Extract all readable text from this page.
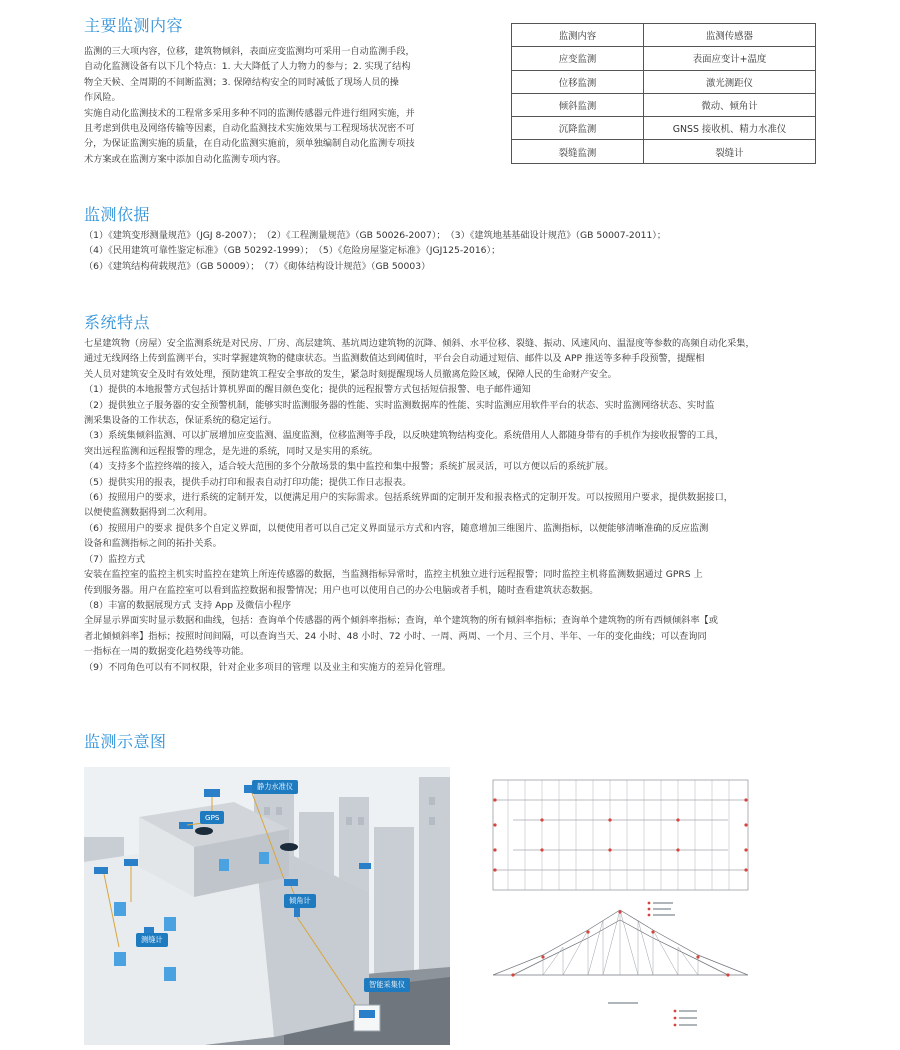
主要监测内容

监测的三大项内容，位移，建筑物倾斜，表面应变监测均可采用一自动监测手段，

自动化监测设备有以下几个特点：1. 大大降低了人力物力的参与；2. 实现了结构

物全天候、全周期的不间断监测；3. 保障结构安全的同时减低了现场人员的操

作风险。

实施自动化监测技术的工程常多采用多种不同的监测传感器元件进行组网实施，并

且考虑到供电及网络传输等因素，自动化监测技术实施效果与工程现场状况密不可

分，为保证监测实施的质量，在自动化监测实施前，须单独编制自动化监测专项技

术方案或在监测方案中添加自动化监测专项内容。

监测内容	监测传感器
应变监测	表面应变计+温度
位移监测	激光测距仪
倾斜监测	微动、倾角计
沉降监测	GNSS 接收机、精力水准仪
裂缝监测	裂缝计
监测依据

（1）《建筑变形测量规范》（JGJ 8-2007）；　（2）《工程测量规范》（GB 50026-2007）；　（3）《建筑地基基础设计规范》（GB 50007-2011）；

（4）《民用建筑可靠性鉴定标准》（GB 50292-1999）；　（5）《危险房屋鉴定标准》（JGJ125-2016）；

（6）《建筑结构荷载规范》（GB 50009）；　（7）《砌体结构设计规范》（GB 50003）

系统特点

七星建筑物（房屋）安全监测系统是对民房、厂房、高层建筑、基坑周边建筑物的沉降、倾斜、水平位移、裂缝、振动、风速风向、温湿度等参数的高频自动化采集，

通过无线网络上传到监测平台，实时掌握建筑物的健康状态。当监测数值达到阈值时，平台会自动通过短信、邮件以及 APP 推送等多种手段预警，提醒相

关人员对建筑安全及时有效处理，预防建筑工程安全事故的发生，紧急时刻提醒现场人员撤离危险区域，保障人民的生命财产安全。

（1）提供的本地报警方式包括计算机界面的醒目颜色变化；提供的远程报警方式包括短信报警、电子邮件通知

（2）提供独立子服务器的安全预警机制，能够实时监测服务器的性能、实时监测数据库的性能、实时监测应用软件平台的状态、实时监测网络状态、实时监

测采集设备的工作状态，保证系统的稳定运行。

（3）系统集倾斜监测、可以扩展增加应变监测、温度监测，位移监测等手段，以反映建筑物结构变化。系统借用人人都随身带有的手机作为接收报警的工具，

突出远程监测和远程报警的理念，是先进的系统，同时又是实用的系统。

（4）支持多个监控终端的接入，适合较大范围的多个分散场景的集中监控和集中报警；系统扩展灵活，可以方便以后的系统扩展。

（5）提供实用的报表，提供手动打印和报表自动打印功能；提供工作日志报表。

（6）按照用户的要求，进行系统的定制开发，以便满足用户的实际需求。包括系统界面的定制开发和报表格式的定制开发。可以按照用户要求，提供数据接口，

以便使监测数据得到二次利用。

（6）按照用户的要求 提供多个自定义界面，以便使用者可以自己定义界面显示方式和内容，随意增加三维图片、监测指标，以便能够清晰准确的反应监测

设备和监测指标之间的拓扑关系。

（7）监控方式

安装在监控室的监控主机实时监控在建筑上所连传感器的数据，当监测指标异常时，监控主机独立进行远程报警；同时监控主机将监测数据通过 GPRS 上

传到服务器。用户在监控室可以看到监控数据和报警情况；用户也可以使用自己的办公电脑或者手机，随时查看建筑状态数据。

（8）丰富的数据展现方式 支持 App 及微信小程序

全屏显示界面实时显示数据和曲线，包括：查询单个传感器的两个倾斜率指标；查询，单个建筑物的所有倾斜率指标；查询单个建筑物的所有西倾倾斜率【或

者北倾倾斜率】指标；按照时间间隔，可以查询当天、24 小时、48 小时、72 小时、一周、两周、一个月、三个月、半年、一年的变化曲线；可以查询同

一指标在一周的数据变化趋势线等功能。

（9）不同角色可以有不同权限，针对企业多项目的管理 以及业主和实施方的差异化管理。

监测示意图
静力水准仪
GPS
倾角计
测缝计
智能采集仪
